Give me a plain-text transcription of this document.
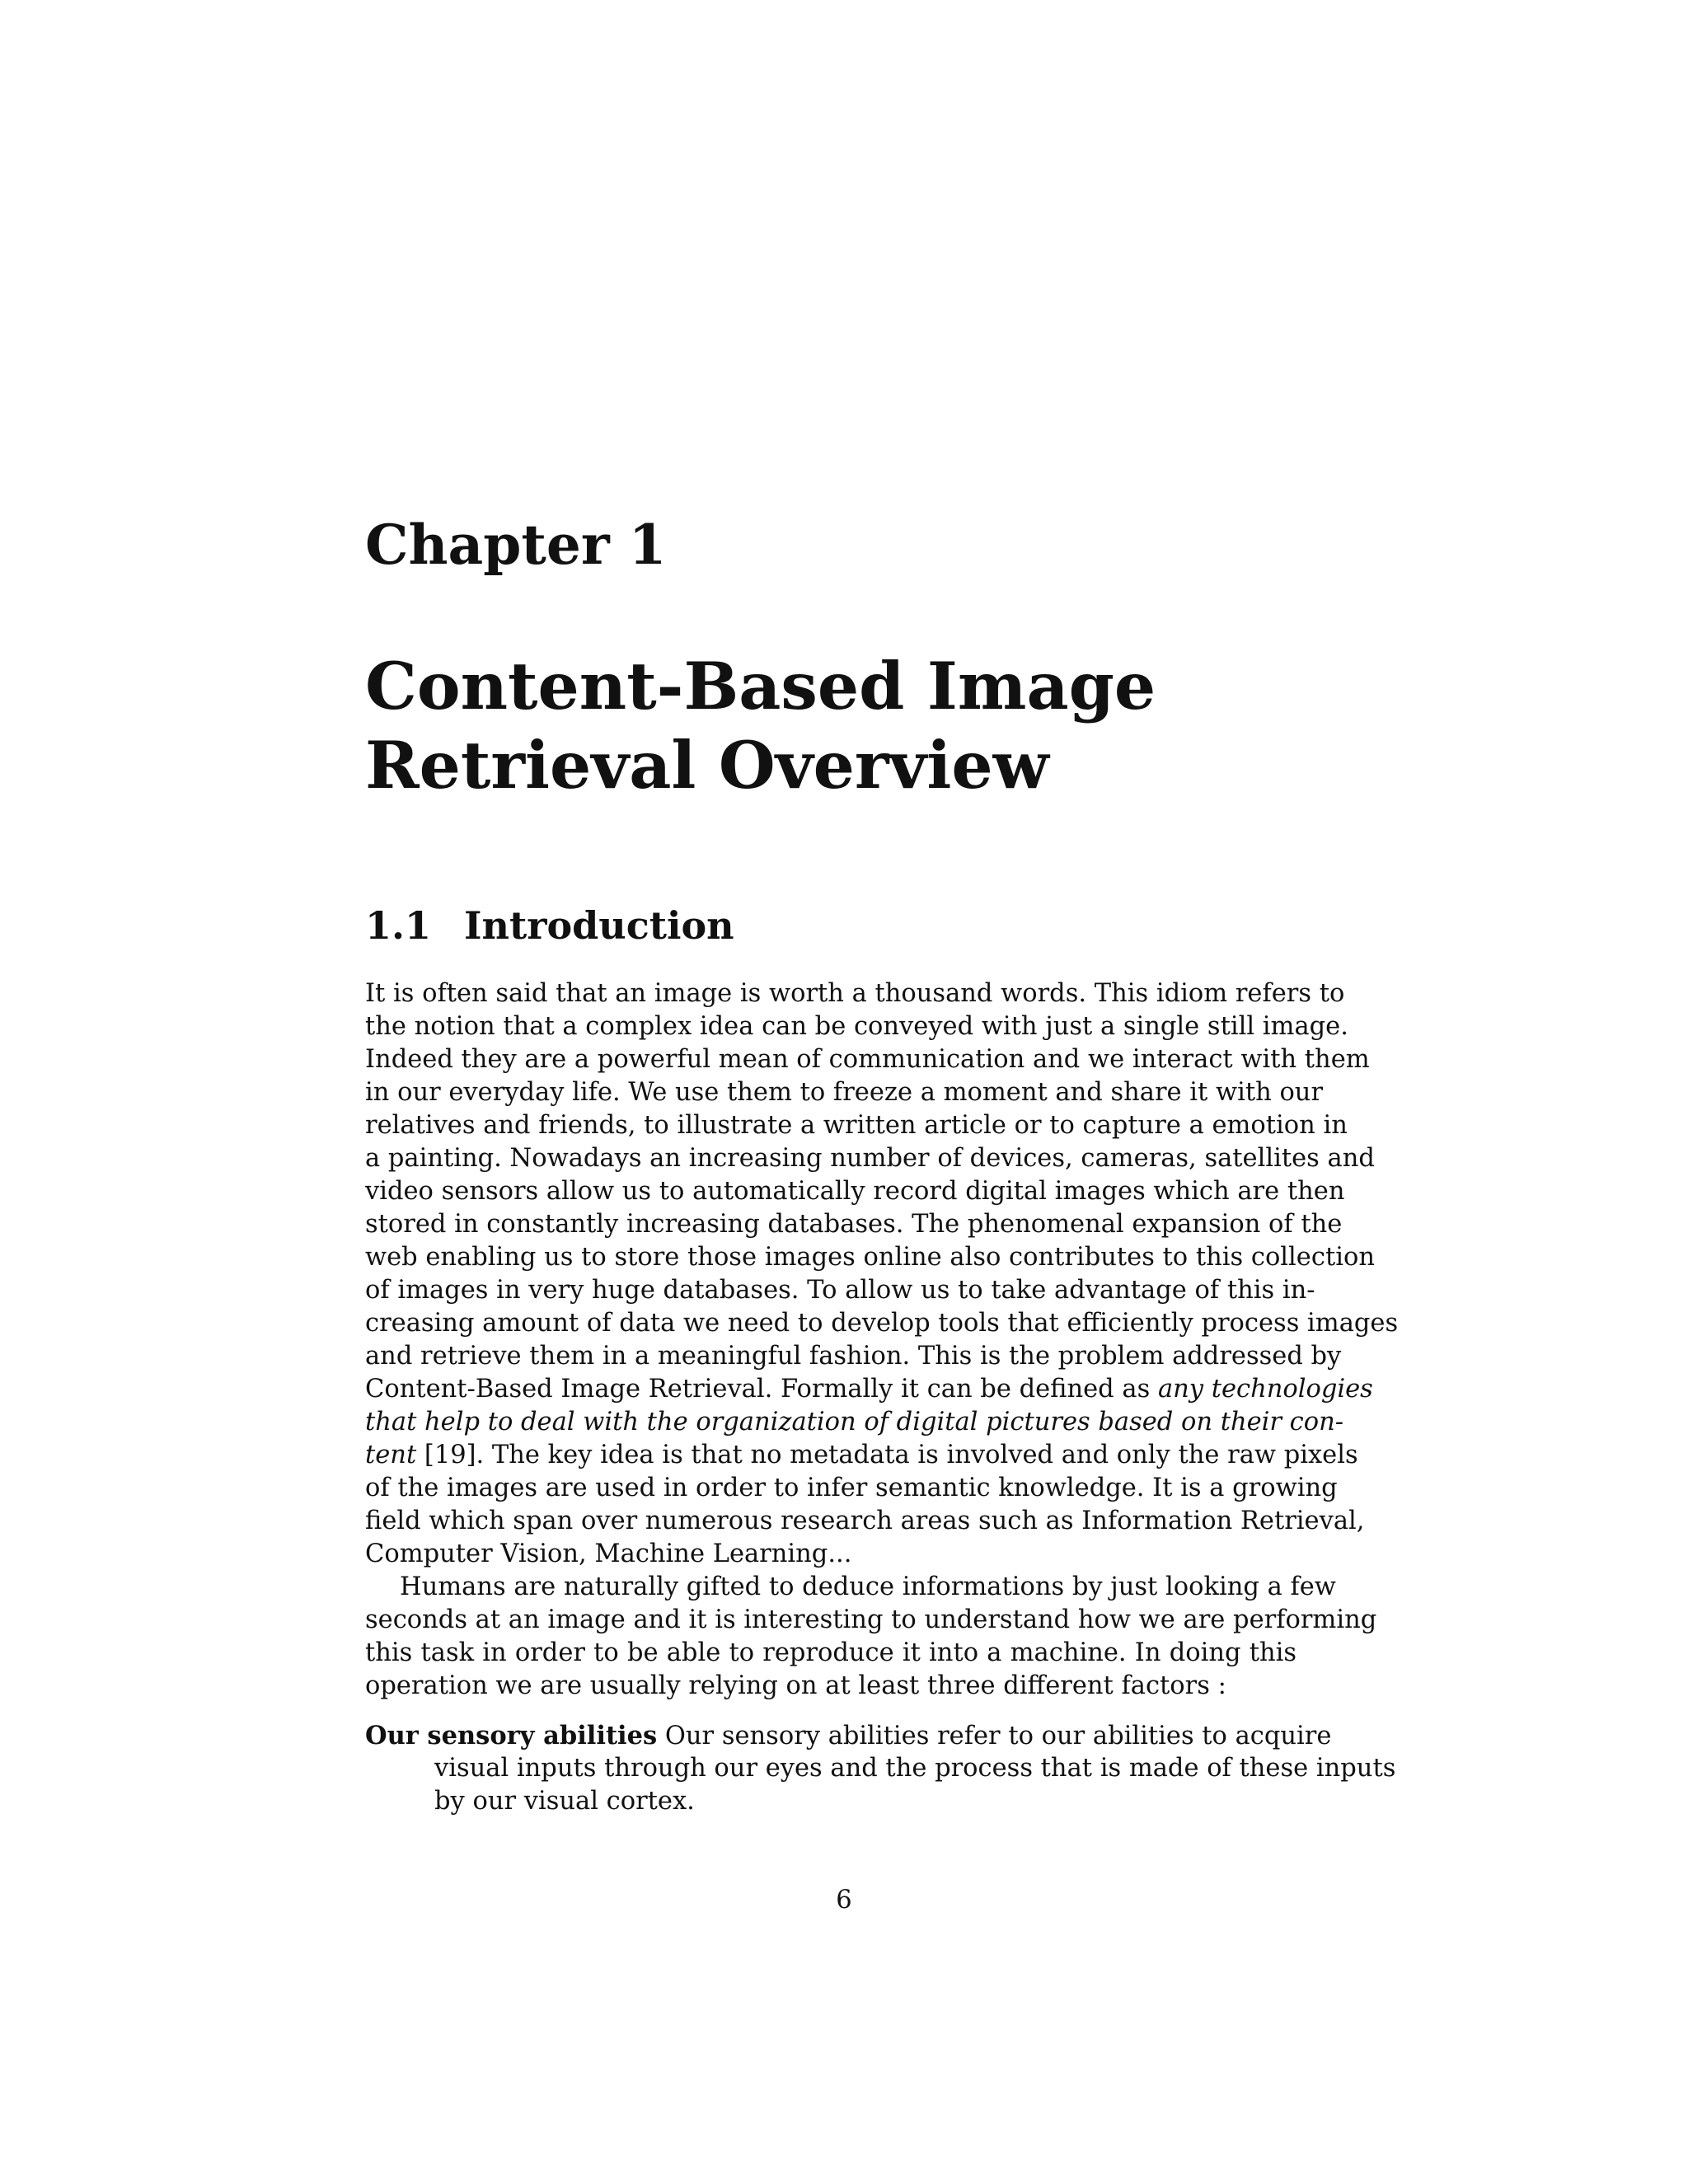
Chapter 1
Content-Based Image
Retrieval Overview
1.1 Introduction
It is often said that an image is worth a thousand words. This idiom refers to
the notion that a complex idea can be conveyed with just a single still image.
Indeed they are a powerful mean of communication and we interact with them
in our everyday life. We use them to freeze a moment and share it with our
relatives and friends, to illustrate a written article or to capture a emotion in
a painting. Nowadays an increasing number of devices, cameras, satellites and
video sensors allow us to automatically record digital images which are then
stored in constantly increasing databases. The phenomenal expansion of the
web enabling us to store those images online also contributes to this collection
of images in very huge databases. To allow us to take advantage of this in-
creasing amount of data we need to develop tools that efficiently process images
and retrieve them in a meaningful fashion. This is the problem addressed by
Content-Based Image Retrieval. Formally it can be defined as any technologies
that help to deal with the organization of digital pictures based on their con-
tent [19]. The key idea is that no metadata is involved and only the raw pixels
of the images are used in order to infer semantic knowledge. It is a growing
field which span over numerous research areas such as Information Retrieval,
Computer Vision, Machine Learning...
Humans are naturally gifted to deduce informations by just looking a few
seconds at an image and it is interesting to understand how we are performing
this task in order to be able to reproduce it into a machine. In doing this
operation we are usually relying on at least three different factors :
Our sensory abilities Our sensory abilities refer to our abilities to acquire
visual inputs through our eyes and the process that is made of these inputs
by our visual cortex.
6
